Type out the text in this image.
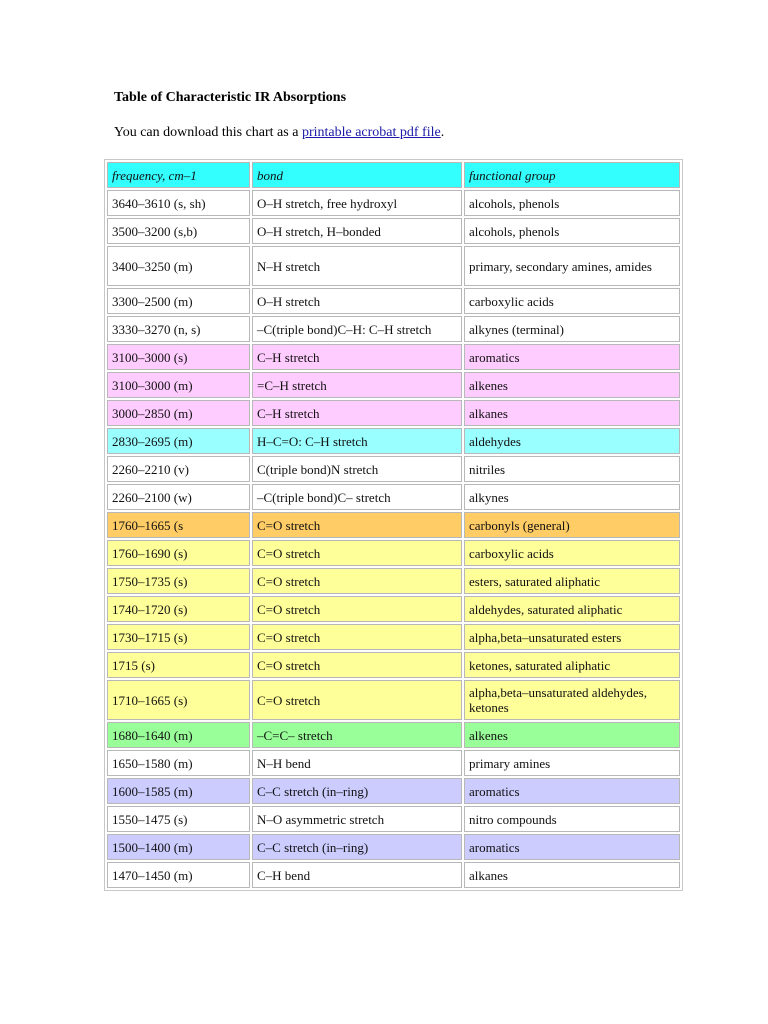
Table of Characteristic IR Absorptions
You can download this chart as a printable acrobat pdf file.
frequency, cm–1	bond	functional group
3640–3610 (s, sh)	O–H stretch, free hydroxyl	alcohols, phenols
3500–3200 (s,b)	O–H stretch, H–bonded	alcohols, phenols
3400–3250 (m)	N–H stretch	primary, secondary amines, amides
3300–2500 (m)	O–H stretch	carboxylic acids
3330–3270 (n, s)	–C(triple bond)C–H: C–H stretch	alkynes (terminal)
3100–3000 (s)	C–H stretch	aromatics
3100–3000 (m)	=C–H stretch	alkenes
3000–2850 (m)	C–H stretch	alkanes
2830–2695 (m)	H–C=O: C–H stretch	aldehydes
2260–2210 (v)	C(triple bond)N stretch	nitriles
2260–2100 (w)	–C(triple bond)C– stretch	alkynes
1760–1665 (s	C=O stretch	carbonyls (general)
1760–1690 (s)	C=O stretch	carboxylic acids
1750–1735 (s)	C=O stretch	esters, saturated aliphatic
1740–1720 (s)	C=O stretch	aldehydes, saturated aliphatic
1730–1715 (s)	C=O stretch	alpha,beta–unsaturated esters
1715 (s)	C=O stretch	ketones, saturated aliphatic
1710–1665 (s)	C=O stretch	alpha,beta–unsaturated aldehydes, ketones
1680–1640 (m)	–C=C– stretch	alkenes
1650–1580 (m)	N–H bend	primary amines
1600–1585 (m)	C–C stretch (in–ring)	aromatics
1550–1475 (s)	N–O asymmetric stretch	nitro compounds
1500–1400 (m)	C–C stretch (in–ring)	aromatics
1470–1450 (m)	C–H bend	alkanes
